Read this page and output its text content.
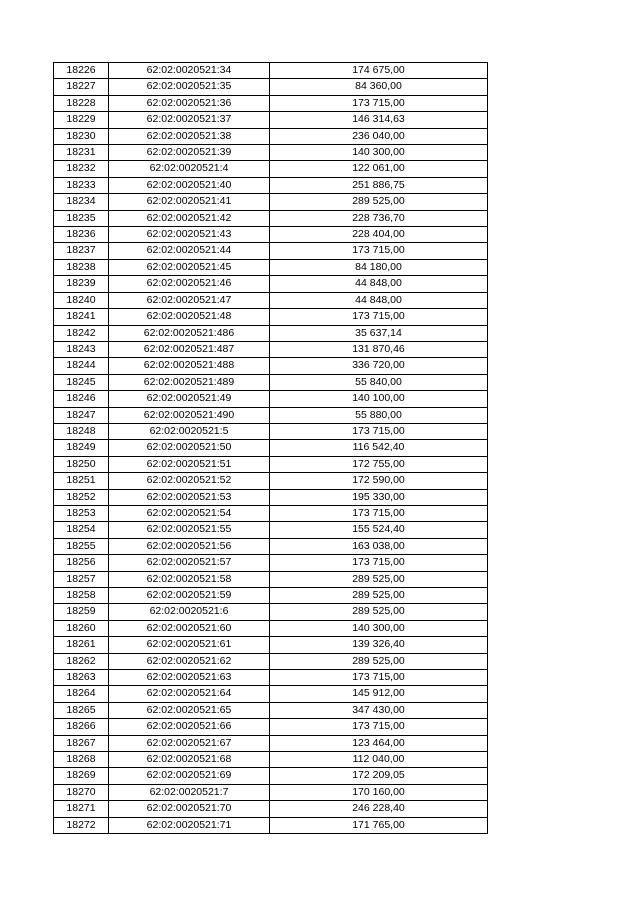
18226	62:02:0020521:34	174 675,00
18227	62:02:0020521:35	84 360,00
18228	62:02:0020521:36	173 715,00
18229	62:02:0020521:37	146 314,63
18230	62:02:0020521:38	236 040,00
18231	62:02:0020521:39	140 300,00
18232	62:02:0020521:4	122 061,00
18233	62:02:0020521:40	251 886,75
18234	62:02:0020521:41	289 525,00
18235	62:02:0020521:42	228 736,70
18236	62:02:0020521:43	228 404,00
18237	62:02:0020521:44	173 715,00
18238	62:02:0020521:45	84 180,00
18239	62:02:0020521:46	44 848,00
18240	62:02:0020521:47	44 848,00
18241	62:02:0020521:48	173 715,00
18242	62:02:0020521:486	35 637,14
18243	62:02:0020521:487	131 870,46
18244	62:02:0020521:488	336 720,00
18245	62:02:0020521:489	55 840,00
18246	62:02:0020521:49	140 100,00
18247	62:02:0020521:490	55 880,00
18248	62:02:0020521:5	173 715,00
18249	62:02:0020521:50	116 542,40
18250	62:02:0020521:51	172 755,00
18251	62:02:0020521:52	172 590,00
18252	62:02:0020521:53	195 330,00
18253	62:02:0020521:54	173 715,00
18254	62:02:0020521:55	155 524,40
18255	62:02:0020521:56	163 038,00
18256	62:02:0020521:57	173 715,00
18257	62:02:0020521:58	289 525,00
18258	62:02:0020521:59	289 525,00
18259	62:02:0020521:6	289 525,00
18260	62:02:0020521:60	140 300,00
18261	62:02:0020521:61	139 326,40
18262	62:02:0020521:62	289 525,00
18263	62:02:0020521:63	173 715,00
18264	62:02:0020521:64	145 912,00
18265	62:02:0020521:65	347 430,00
18266	62:02:0020521:66	173 715,00
18267	62:02:0020521:67	123 464,00
18268	62:02:0020521:68	112 040,00
18269	62:02:0020521:69	172 209,05
18270	62:02:0020521:7	170 160,00
18271	62:02:0020521:70	246 228,40
18272	62:02:0020521:71	171 765,00
